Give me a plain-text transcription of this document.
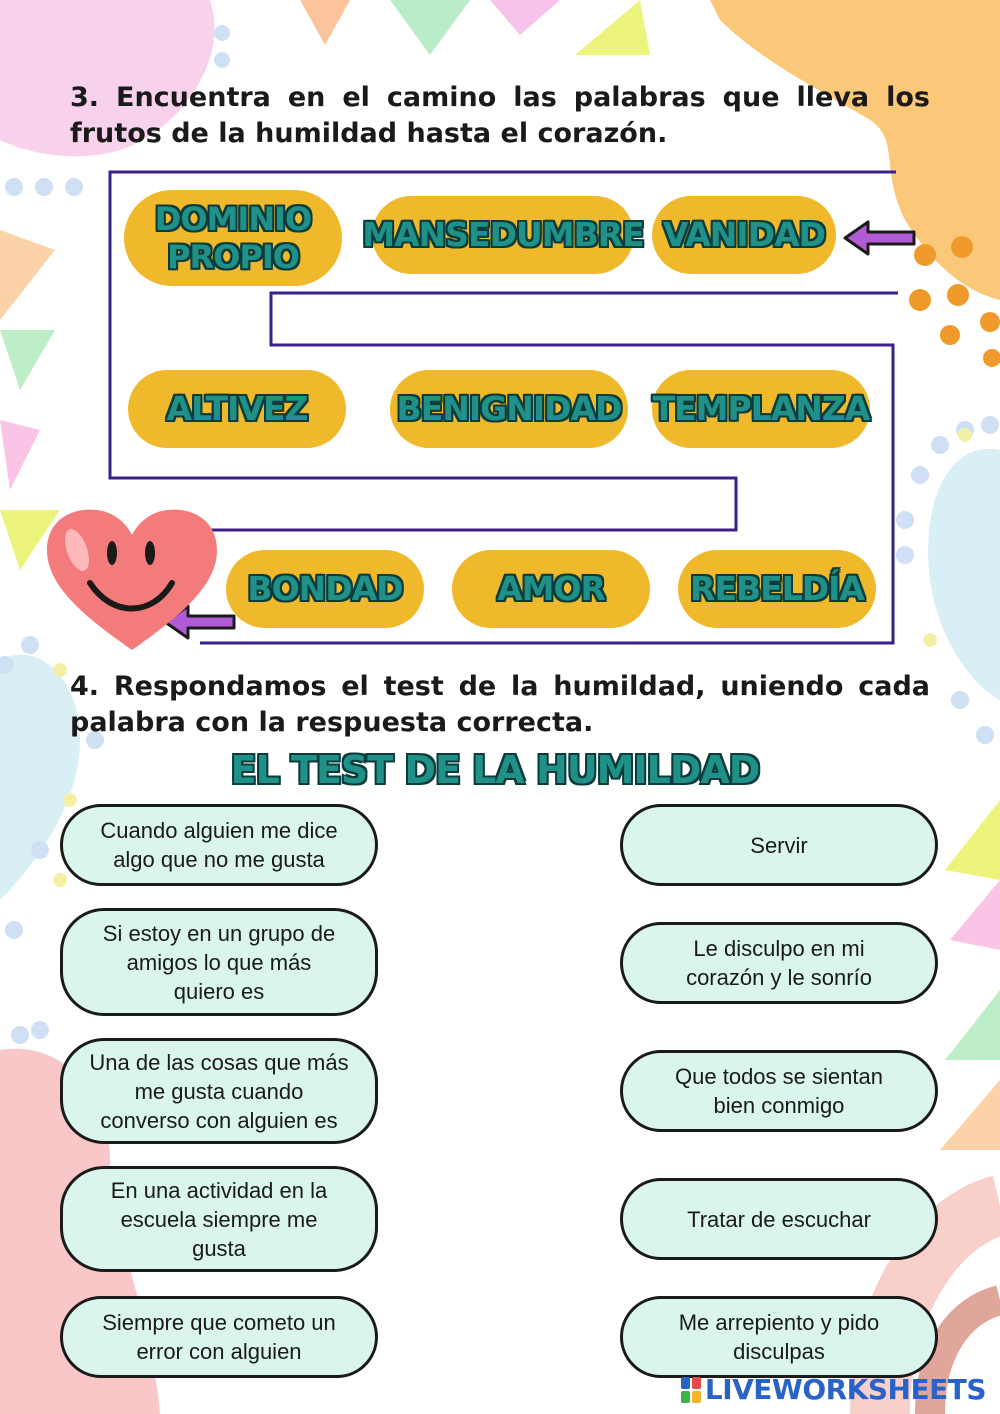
3. Encuentra en el camino las palabras que lleva los frutos de la humildad hasta el corazón.

DOMINIO PROPIO
MANSEDUMBRE VANIDAD
ALTIVEZ	BENIGNIDAD TEMPLANZA
BONDAD	AMOR	REBELDÍA

4. Respondamos el test de la humildad, uniendo cada palabra con la respuesta correcta.

EL TEST DE LA HUMILDAD

Cuando alguien me dice
algo que no me gusta
Si estoy en un grupo de
amigos lo que más
quiero es
Una de las cosas que más
me gusta cuando
converso con alguien es
En una actividad en la
escuela siempre me
gusta
Siempre que cometo un
error con alguien
Servir
Le disculpo en mi
corazón y le sonrío
Que todos se sientan
bien conmigo
Tratar de escuchar
Me arrepiento y pido
disculpas
LIVEWORKSHEETS
